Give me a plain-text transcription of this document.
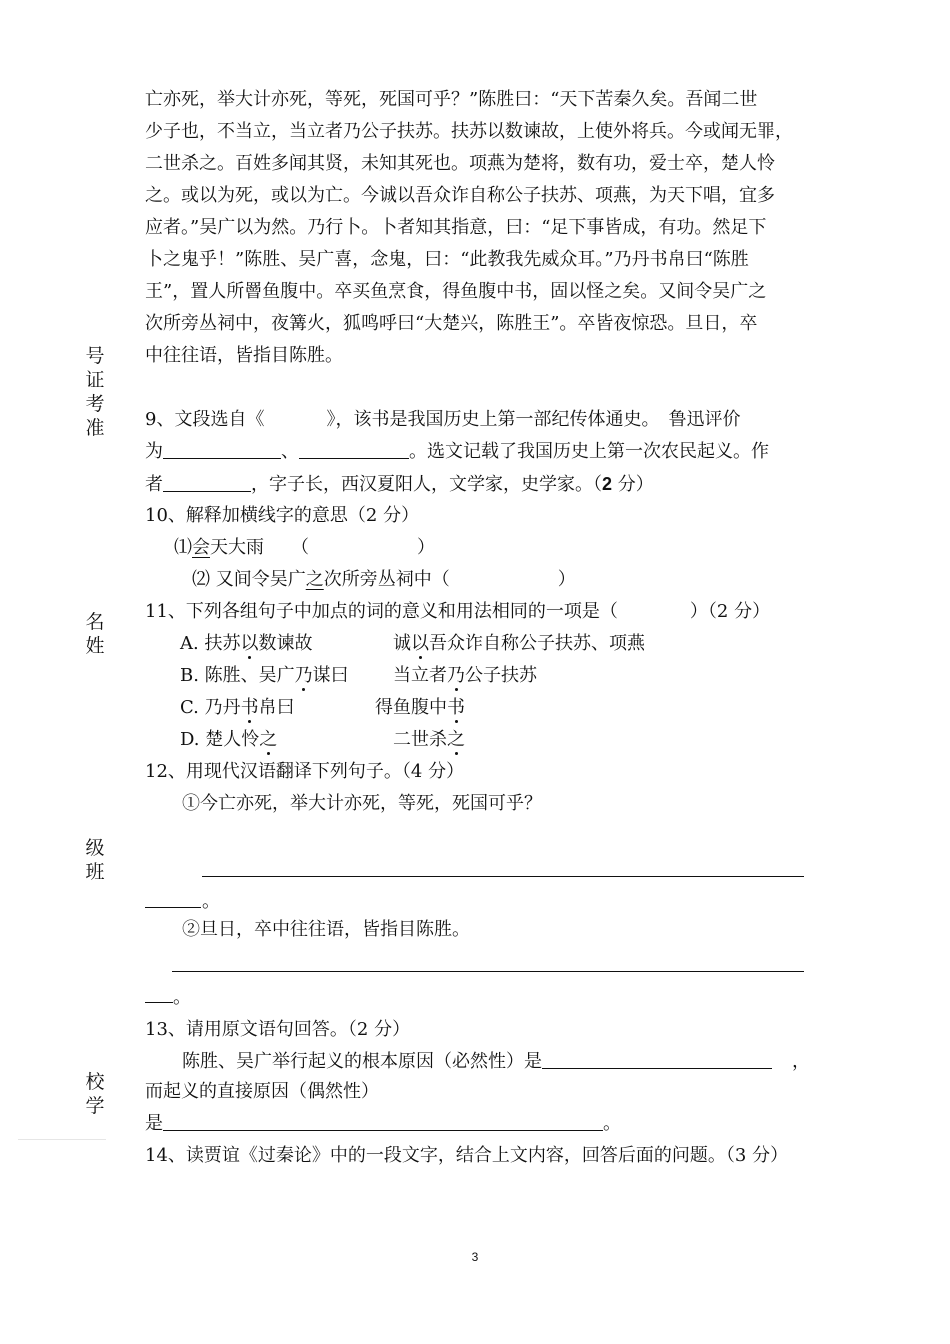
亡亦死，举大计亦死，等死，死国可乎？”陈胜曰：“天下苦秦久矣。吾闻二世
少子也，不当立，当立者乃公子扶苏。扶苏以数谏故，上使外将兵。今或闻无罪，
二世杀之。百姓多闻其贤，未知其死也。项燕为楚将，数有功，爱士卒，楚人怜
之。或以为死，或以为亡。今诚以吾众诈自称公子扶苏、项燕，为天下唱，宜多
应者。”吴广以为然。乃行卜。卜者知其指意，曰：“足下事皆成，有功。然足下
卜之鬼乎！”陈胜、吴广喜，念鬼，曰：“此教我先威众耳。”乃丹书帛曰“陈胜
王”，置人所罾鱼腹中。卒买鱼烹食，得鱼腹中书，固以怪之矣。又间令吴广之
次所旁丛祠中，夜篝火，狐鸣呼曰“大楚兴，陈胜王”。卒皆夜惊恐。旦日，卒
中往往语，皆指目陈胜。
号
证
考
准
名
姓
级
班
校
学
9、文段选自《	》，该书是我国历史上第一部纪传体通史。　鲁迅评价
为	、	。选文记载了我国历史上第一次农民起义。作
者	，字子长，西汉夏阳人，文学家，史学家。（2 分）
10、解释加横线字的意思（2 分）
⑴会天大雨　　（　　　　　　）
⑵ 又间令吴广之次所旁丛祠中（　　　　　　）
11、下列各组句子中加点的词的意义和用法相同的一项是（　　　　）（2 分）
A. 扶苏以数谏故	诚以吾众诈自称公子扶苏、项燕
B. 陈胜、吴广乃谋曰 当立者乃公子扶苏
C. 乃丹书帛曰	得鱼腹中书
D. 楚人怜之	二世杀之
12、用现代汉语翻译下列句子。（4 分）
①今亡亦死，举大计亦死，等死，死国可乎？
。
②旦日，卒中往往语，皆指目陈胜。
。
13、请用原文语句回答。（2 分）
陈胜、吴广举行起义的根本原因（必然性）是	，
而起义的直接原因（偶然性）
是	。
14、读贾谊《过秦论》中的一段文字，结合上文内容，回答后面的问题。（3 分）
3
